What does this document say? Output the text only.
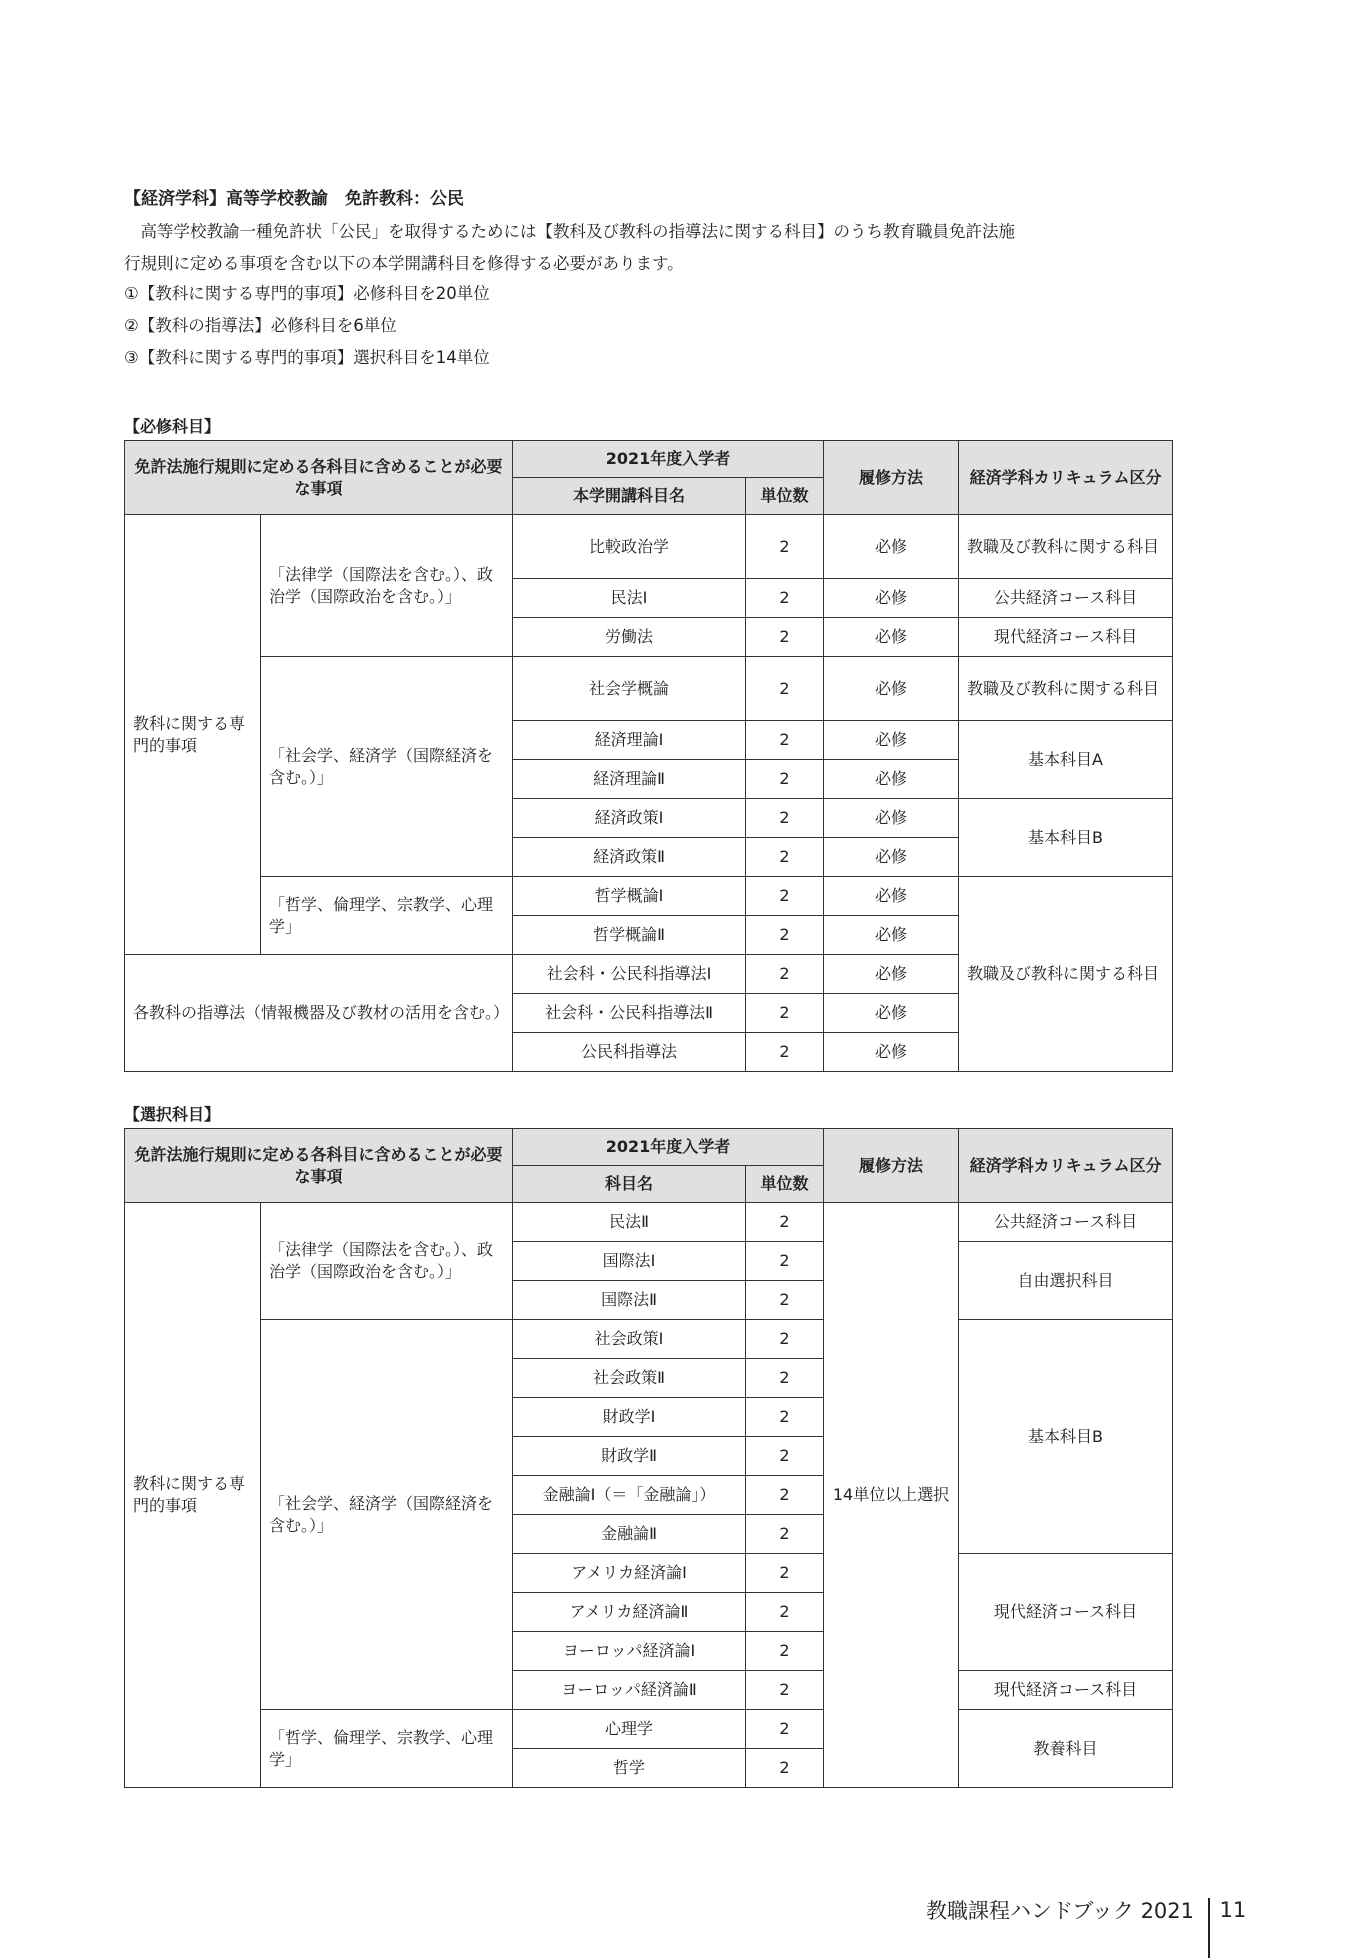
【経済学科】高等学校教諭　免許教科：公民

高等学校教諭一種免許状「公民」を取得するためには【教科及び教科の指導法に関する科目】のうち教育職員免許法施

行規則に定める事項を含む以下の本学開講科目を修得する必要があります。

①【教科に関する専門的事項】必修科目を20単位
②【教科の指導法】必修科目を6単位
③【教科に関する専門的事項】選択科目を14単位
【必修科目】
免許法施行規則に定める各科目に含めることが必要な事項		2021年度入学者		履修方法	経済学科カリキュラム区分
		本学開講科目名	単位数		
教科に関する専門的事項	「法律学（国際法を含む。）、政治学（国際政治を含む。）」	比較政治学	2	必修	教職及び教科に関する科目
		民法Ⅰ	2	必修	公共経済コース科目
		労働法	2	必修	現代経済コース科目
	「社会学、経済学（国際経済を含む。）」	社会学概論	2	必修	教職及び教科に関する科目
		経済理論Ⅰ	2	必修	基本科目A
		経済理論Ⅱ	2	必修	
		経済政策Ⅰ	2	必修	基本科目B
		経済政策Ⅱ	2	必修	
	「哲学、倫理学、宗教学、心理学」	哲学概論Ⅰ	2	必修	教職及び教科に関する科目
		哲学概論Ⅱ	2	必修	
各教科の指導法（情報機器及び教材の活用を含む。）		社会科・公民科指導法Ⅰ	2	必修	
		社会科・公民科指導法Ⅱ	2	必修	
		公民科指導法	2	必修	
【選択科目】
免許法施行規則に定める各科目に含めることが必要な事項		2021年度入学者		履修方法	経済学科カリキュラム区分
		科目名	単位数		
教科に関する専門的事項	「法律学（国際法を含む。）、政治学（国際政治を含む。）」	民法Ⅱ	2	14単位以上選択	公共経済コース科目
		国際法Ⅰ	2		自由選択科目
		国際法Ⅱ	2		
	「社会学、経済学（国際経済を含む。）」	社会政策Ⅰ	2		基本科目B
		社会政策Ⅱ	2		
		財政学Ⅰ	2		
		財政学Ⅱ	2		
		金融論Ⅰ（＝「金融論」）	2		
		金融論Ⅱ	2		
		アメリカ経済論Ⅰ	2		現代経済コース科目
		アメリカ経済論Ⅱ	2		
		ヨーロッパ経済論Ⅰ	2		
		ヨーロッパ経済論Ⅱ	2		現代経済コース科目
	「哲学、倫理学、宗教学、心理学」	心理学	2		教養科目
		哲学	2		
教職課程ハンドブック 2021 11
